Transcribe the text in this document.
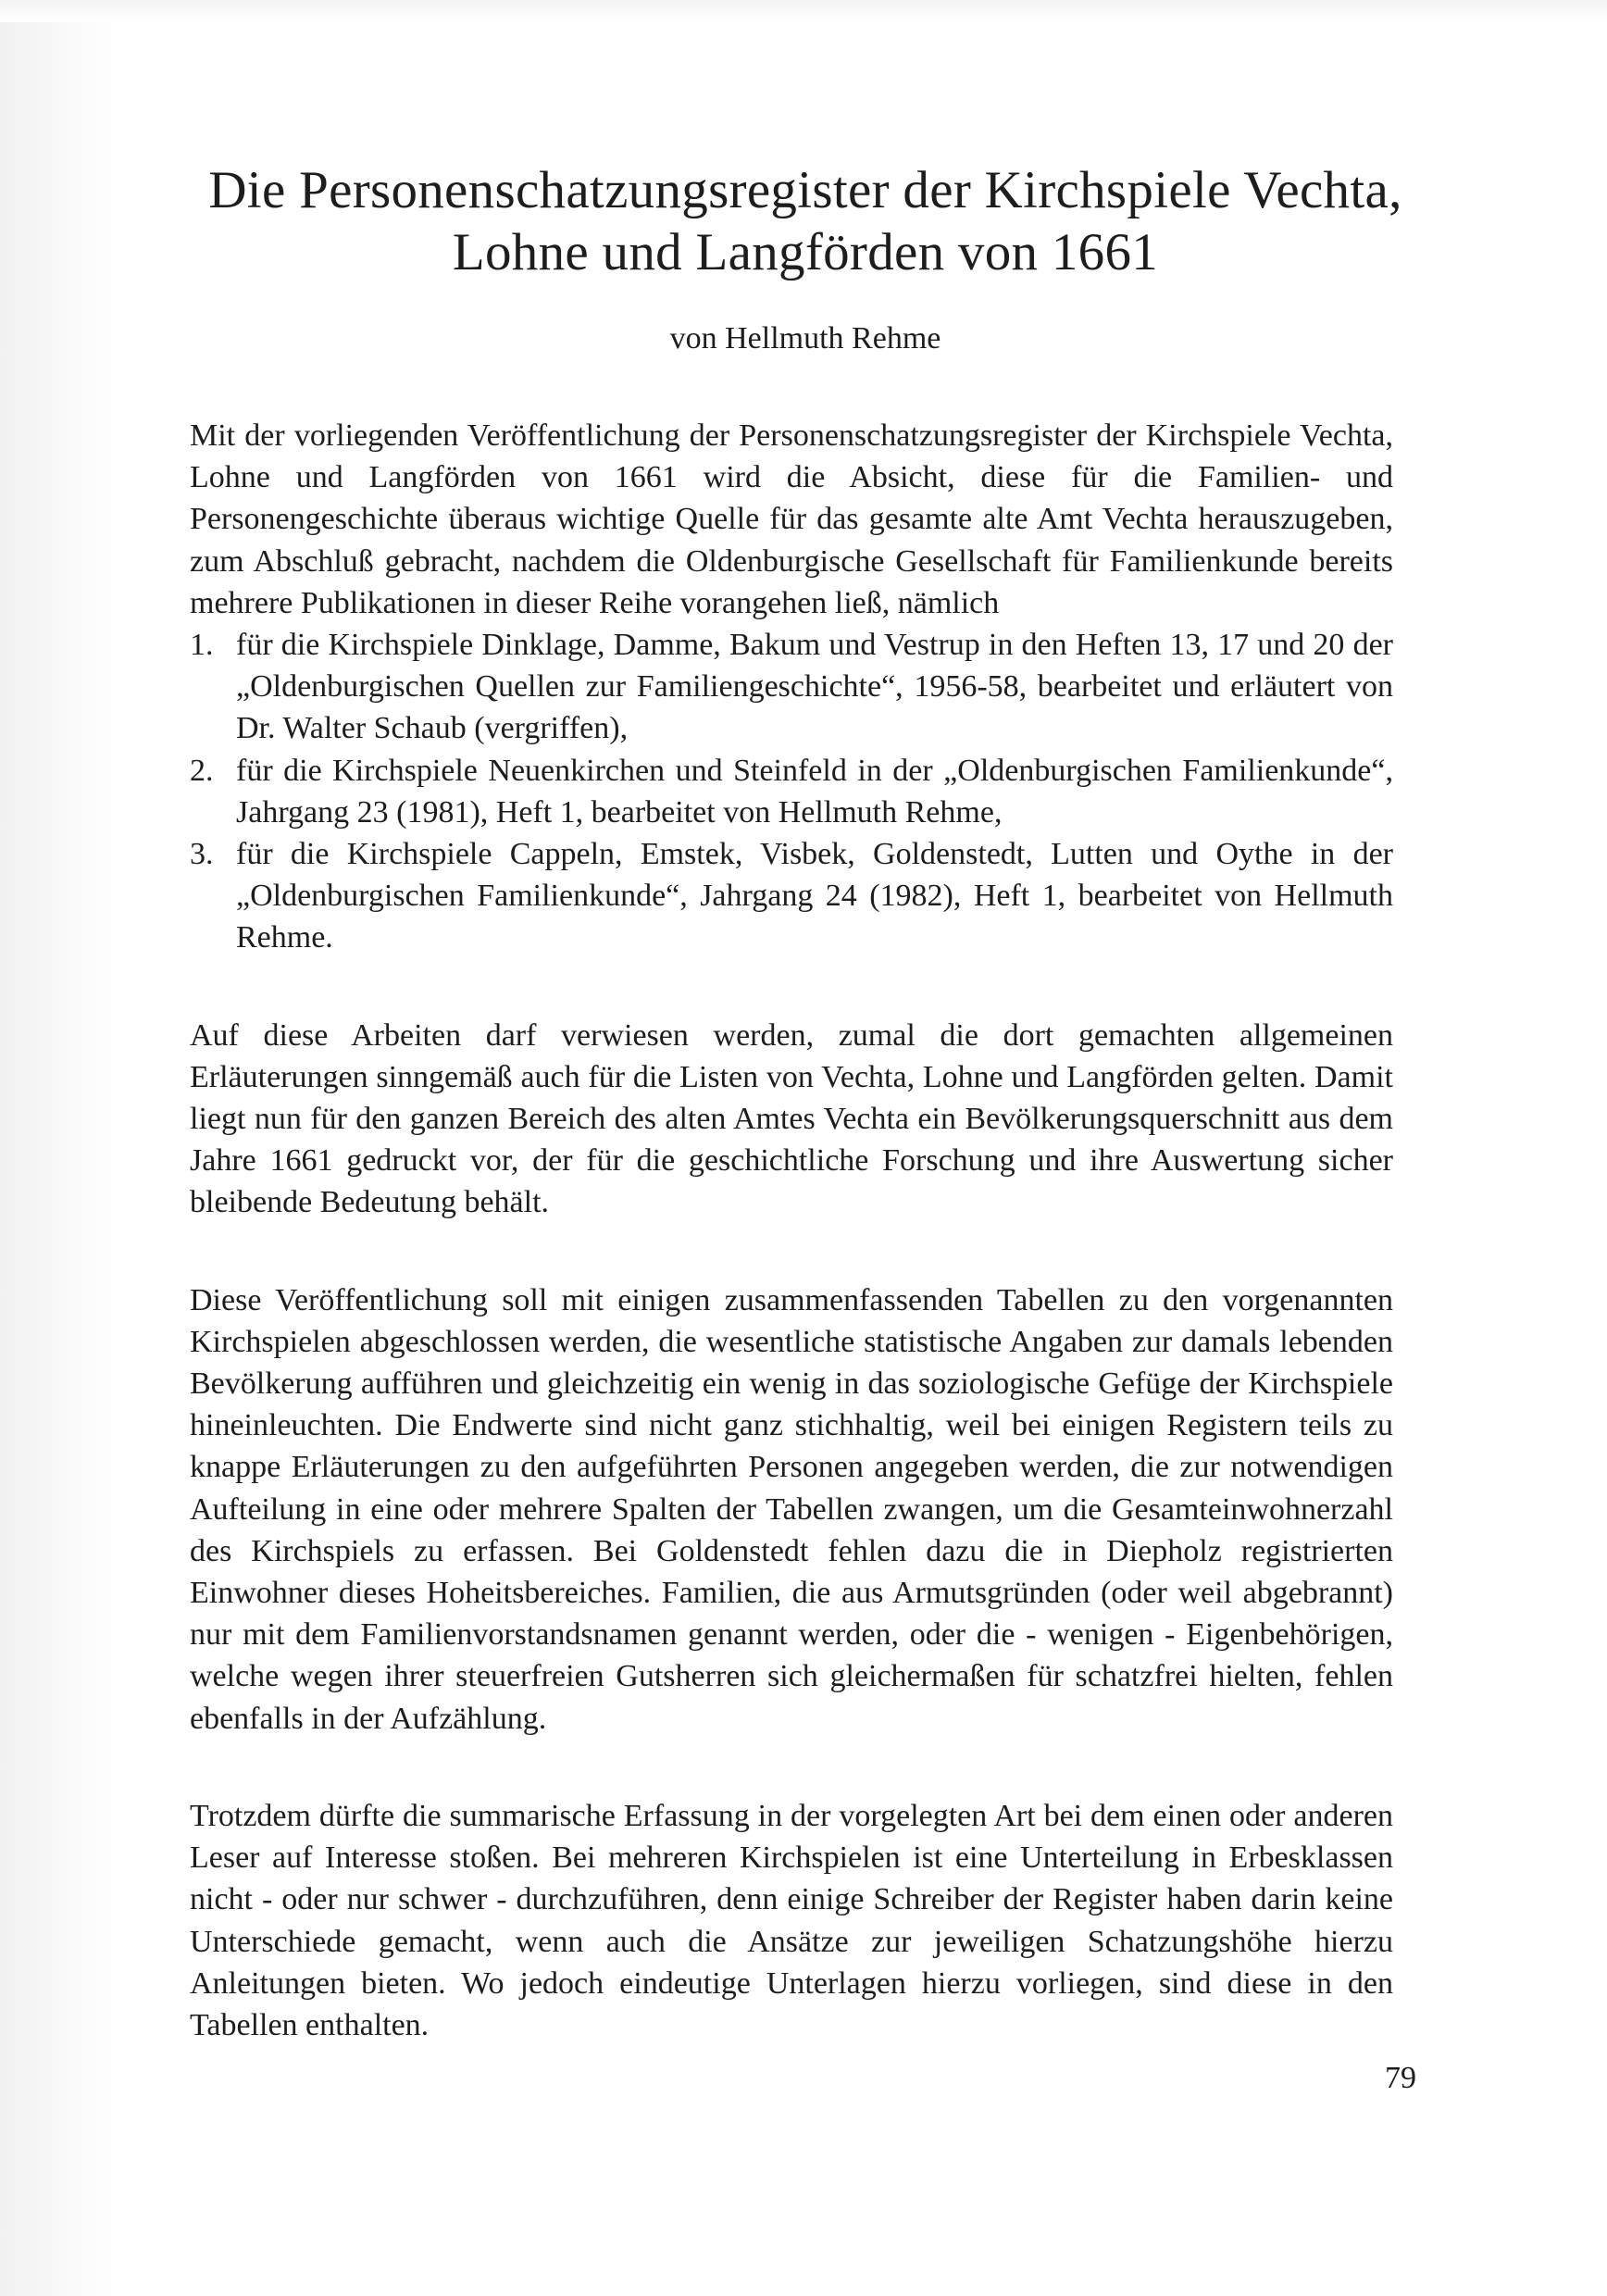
Die Personenschatzungsregister der Kirchspiele Vechta, Lohne und Langförden von 1661
von Hellmuth Rehme

Mit der vorliegenden Veröffentlichung der Personenschatzungsregister der Kirchspiele Vechta, Lohne und Langförden von 1661 wird die Absicht, diese für die Familien- und Personengeschichte überaus wichtige Quelle für das gesamte alte Amt Vechta herauszugeben, zum Abschluß gebracht, nachdem die Oldenburgische Gesellschaft für Familienkunde bereits mehrere Publikationen in dieser Reihe vorangehen ließ, nämlich

1. für die Kirchspiele Dinklage, Damme, Bakum und Vestrup in den Heften 13, 17 und 20 der „Oldenburgischen Quellen zur Familiengeschichte“, 1956-58, bearbeitet und erläutert von Dr. Walter Schaub (vergriffen),
2. für die Kirchspiele Neuenkirchen und Steinfeld in der „Oldenburgischen Familienkunde“, Jahrgang 23 (1981), Heft 1, bearbeitet von Hellmuth Rehme,
3. für die Kirchspiele Cappeln, Emstek, Visbek, Goldenstedt, Lutten und Oythe in der „Oldenburgischen Familienkunde“, Jahrgang 24 (1982), Heft 1, bearbeitet von Hellmuth Rehme.

Auf diese Arbeiten darf verwiesen werden, zumal die dort gemachten allgemeinen Erläuterungen sinngemäß auch für die Listen von Vechta, Lohne und Langförden gelten. Damit liegt nun für den ganzen Bereich des alten Amtes Vechta ein Bevölkerungsquerschnitt aus dem Jahre 1661 gedruckt vor, der für die geschichtliche Forschung und ihre Auswertung sicher bleibende Bedeutung behält.

Diese Veröffentlichung soll mit einigen zusammenfassenden Tabellen zu den vorgenannten Kirchspielen abgeschlossen werden, die wesentliche statistische Angaben zur damals lebenden Bevölkerung aufführen und gleichzeitig ein wenig in das soziologische Gefüge der Kirchspiele hineinleuchten. Die Endwerte sind nicht ganz stichhaltig, weil bei einigen Registern teils zu knappe Erläuterungen zu den aufgeführten Personen angegeben werden, die zur notwendigen Aufteilung in eine oder mehrere Spalten der Tabellen zwangen, um die Gesamteinwohnerzahl des Kirchspiels zu erfassen. Bei Goldenstedt fehlen dazu die in Diepholz registrierten Einwohner dieses Hoheitsbereiches. Familien, die aus Armutsgründen (oder weil abgebrannt) nur mit dem Familienvorstandsnamen genannt werden, oder die - wenigen - Eigenbehörigen, welche wegen ihrer steuerfreien Gutsherren sich gleichermaßen für schatzfrei hielten, fehlen ebenfalls in der Aufzählung.

Trotzdem dürfte die summarische Erfassung in der vorgelegten Art bei dem einen oder anderen Leser auf Interesse stoßen. Bei mehreren Kirchspielen ist eine Unterteilung in Erbesklassen nicht - oder nur schwer - durchzuführen, denn einige Schreiber der Register haben darin keine Unterschiede gemacht, wenn auch die Ansätze zur jeweiligen Schatzungshöhe hierzu Anleitungen bieten. Wo jedoch eindeutige Unterlagen hierzu vorliegen, sind diese in den Tabellen enthalten.

79
